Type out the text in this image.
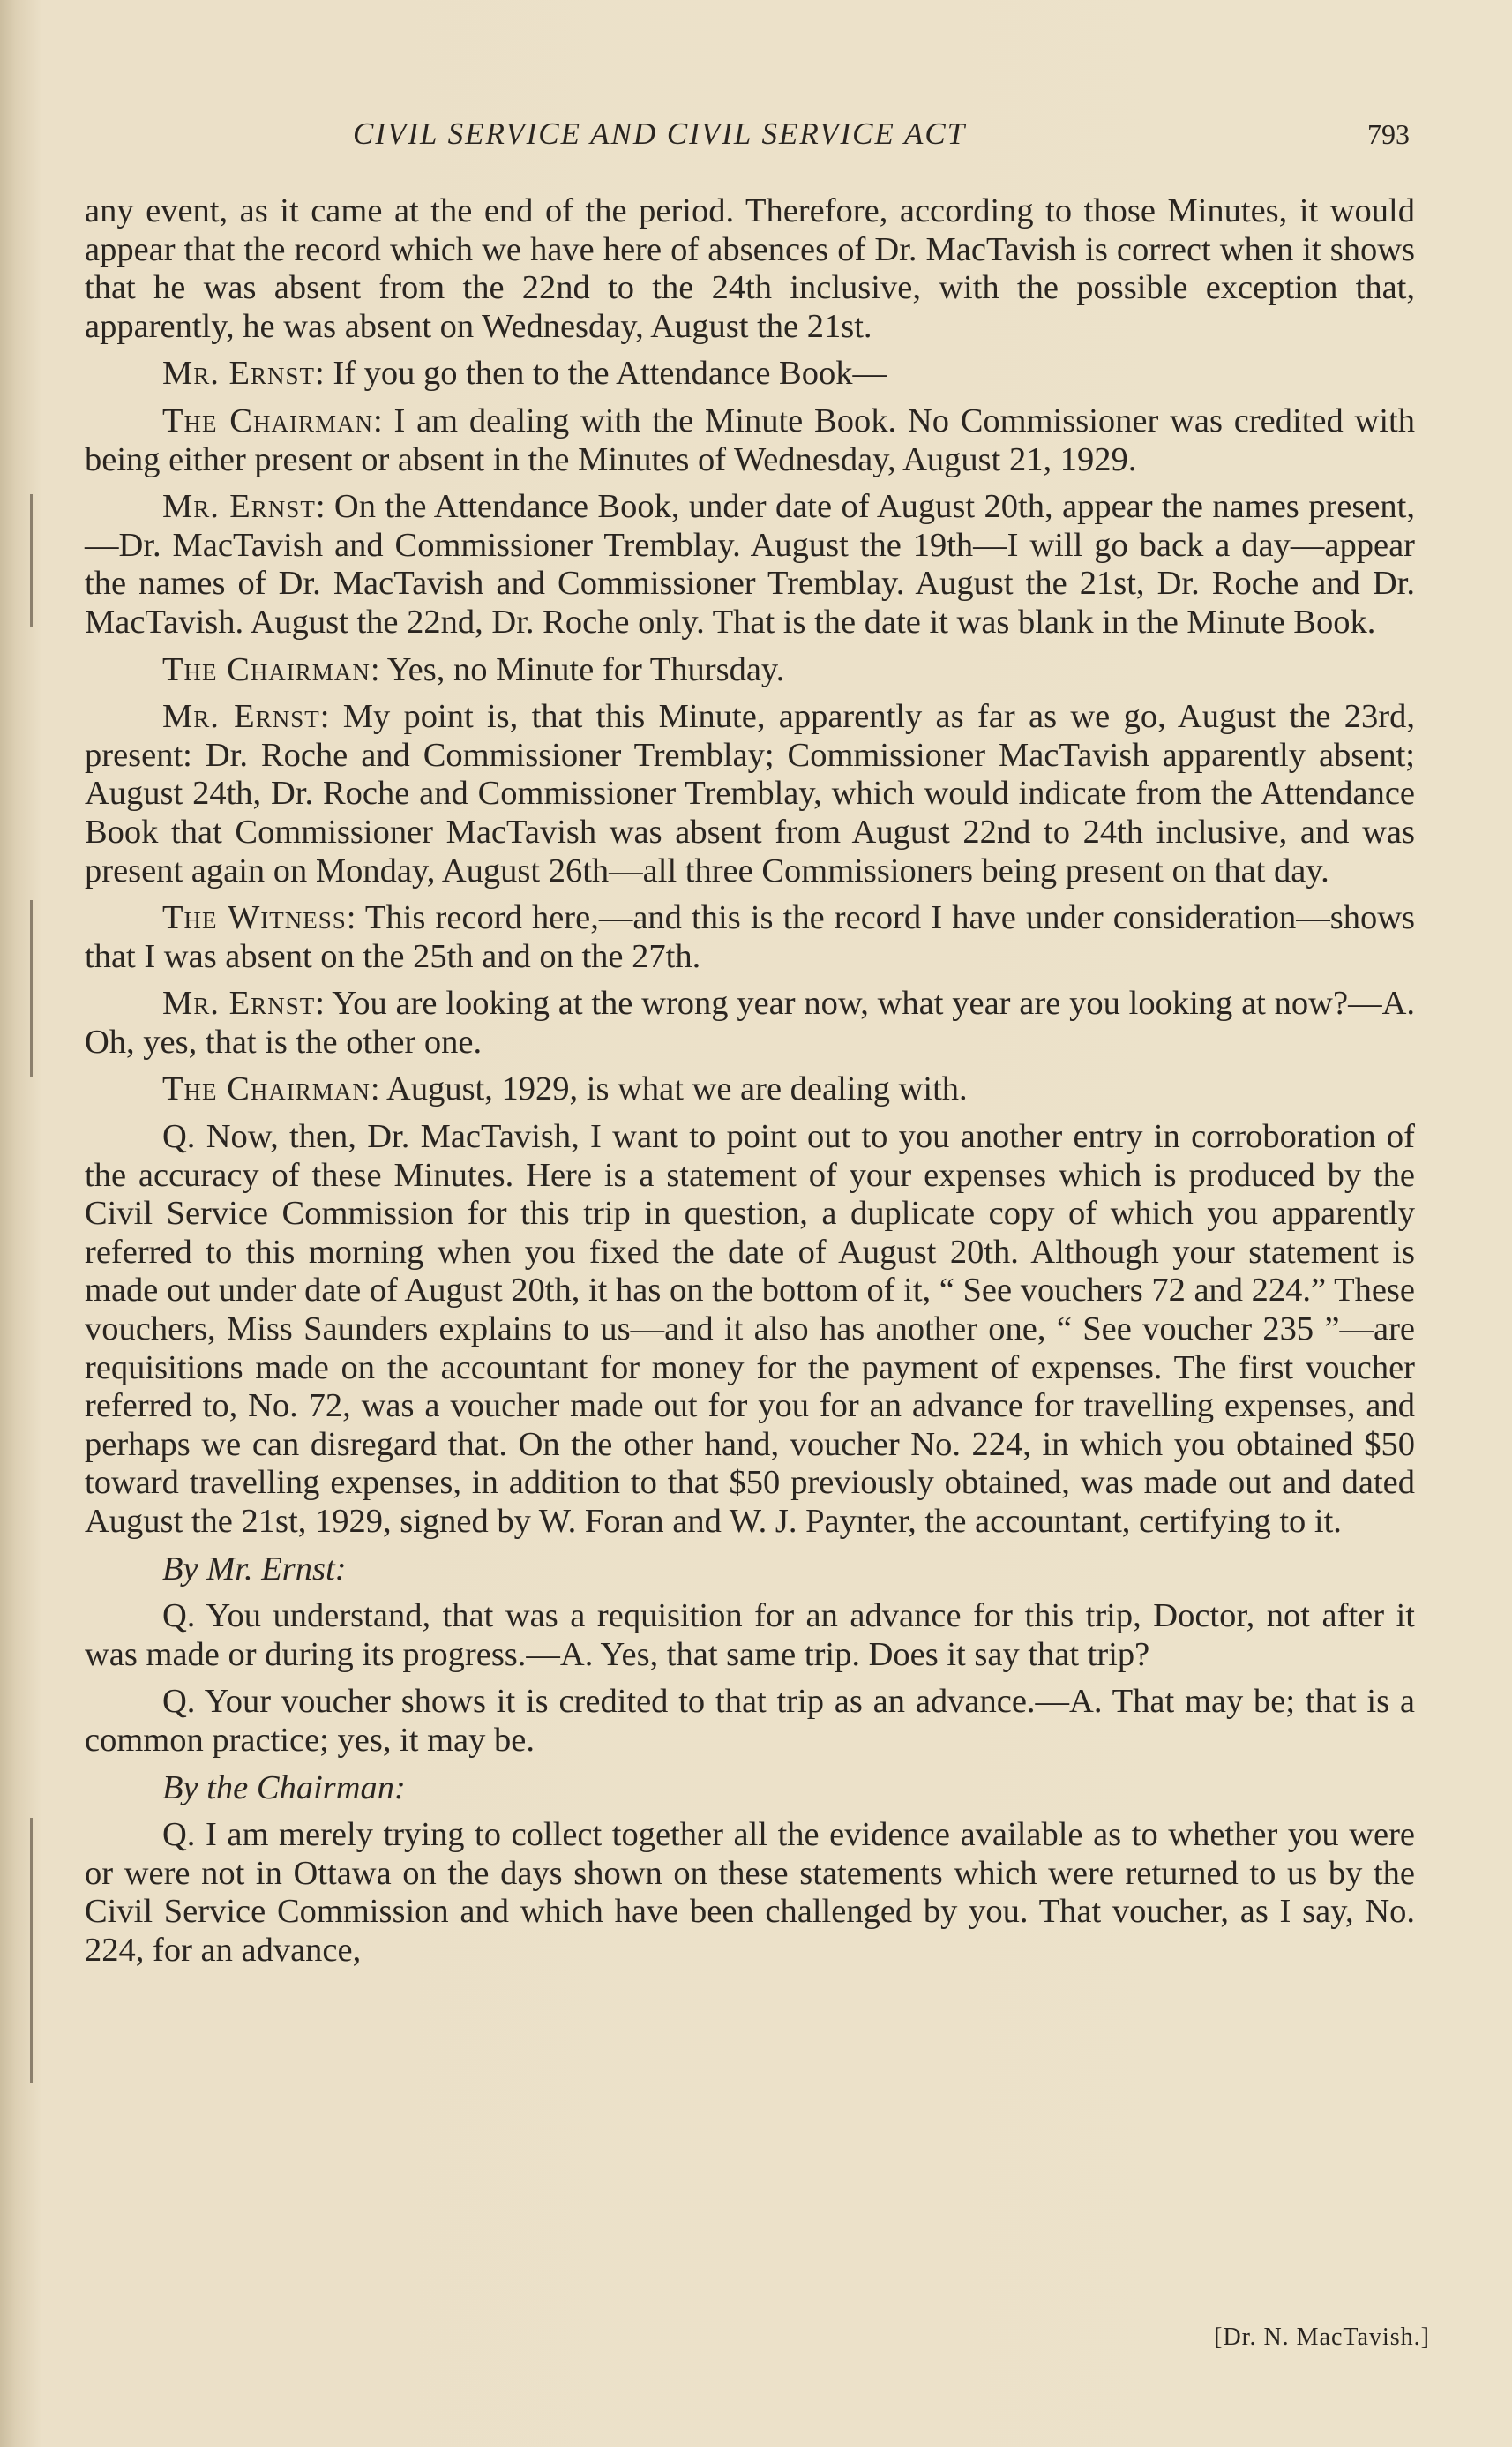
CIVIL SERVICE AND CIVIL SERVICE ACT	793

any event, as it came at the end of the period. Therefore, according to those Minutes, it would appear that the record which we have here of absences of Dr. MacTavish is correct when it shows that he was absent from the 22nd to the 24th inclusive, with the possible exception that, apparently, he was absent on Wednesday, August the 21st.

Mr. Ernst: If you go then to the Attendance Book—

The Chairman: I am dealing with the Minute Book. No Commissioner was credited with being either present or absent in the Minutes of Wednesday, August 21, 1929.

Mr. Ernst: On the Attendance Book, under date of August 20th, appear the names present,—Dr. MacTavish and Commissioner Tremblay. August the 19th—I will go back a day—appear the names of Dr. MacTavish and Commissioner Tremblay. August the 21st, Dr. Roche and Dr. MacTavish. August the 22nd, Dr. Roche only. That is the date it was blank in the Minute Book.

The Chairman: Yes, no Minute for Thursday.

Mr. Ernst: My point is, that this Minute, apparently as far as we go, August the 23rd, present: Dr. Roche and Commissioner Tremblay; Commissioner MacTavish apparently absent; August 24th, Dr. Roche and Commissioner Tremblay, which would indicate from the Attendance Book that Commissioner MacTavish was absent from August 22nd to 24th inclusive, and was present again on Monday, August 26th—all three Commissioners being present on that day.

The Witness: This record here,—and this is the record I have under consideration—shows that I was absent on the 25th and on the 27th.

Mr. Ernst: You are looking at the wrong year now, what year are you looking at now?—A. Oh, yes, that is the other one.

The Chairman: August, 1929, is what we are dealing with.

Q. Now, then, Dr. MacTavish, I want to point out to you another entry in corroboration of the accuracy of these Minutes. Here is a statement of your expenses which is produced by the Civil Service Commission for this trip in question, a duplicate copy of which you apparently referred to this morning when you fixed the date of August 20th. Although your statement is made out under date of August 20th, it has on the bottom of it, “ See vouchers 72 and 224.” These vouchers, Miss Saunders explains to us—and it also has another one, “ See voucher 235 ”—are requisitions made on the accountant for money for the payment of expenses. The first voucher referred to, No. 72, was a voucher made out for you for an advance for travelling expenses, and perhaps we can disregard that. On the other hand, voucher No. 224, in which you obtained $50 toward travelling expenses, in addition to that $50 previously obtained, was made out and dated August the 21st, 1929, signed by W. Foran and W. J. Paynter, the accountant, certifying to it.

By Mr. Ernst:

Q. You understand, that was a requisition for an advance for this trip, Doctor, not after it was made or during its progress.—A. Yes, that same trip. Does it say that trip?

Q. Your voucher shows it is credited to that trip as an advance.—A. That may be; that is a common practice; yes, it may be.

By the Chairman:

Q. I am merely trying to collect together all the evidence available as to whether you were or were not in Ottawa on the days shown on these statements which were returned to us by the Civil Service Commission and which have been challenged by you. That voucher, as I say, No. 224, for an advance,

[Dr. N. MacTavish.]
